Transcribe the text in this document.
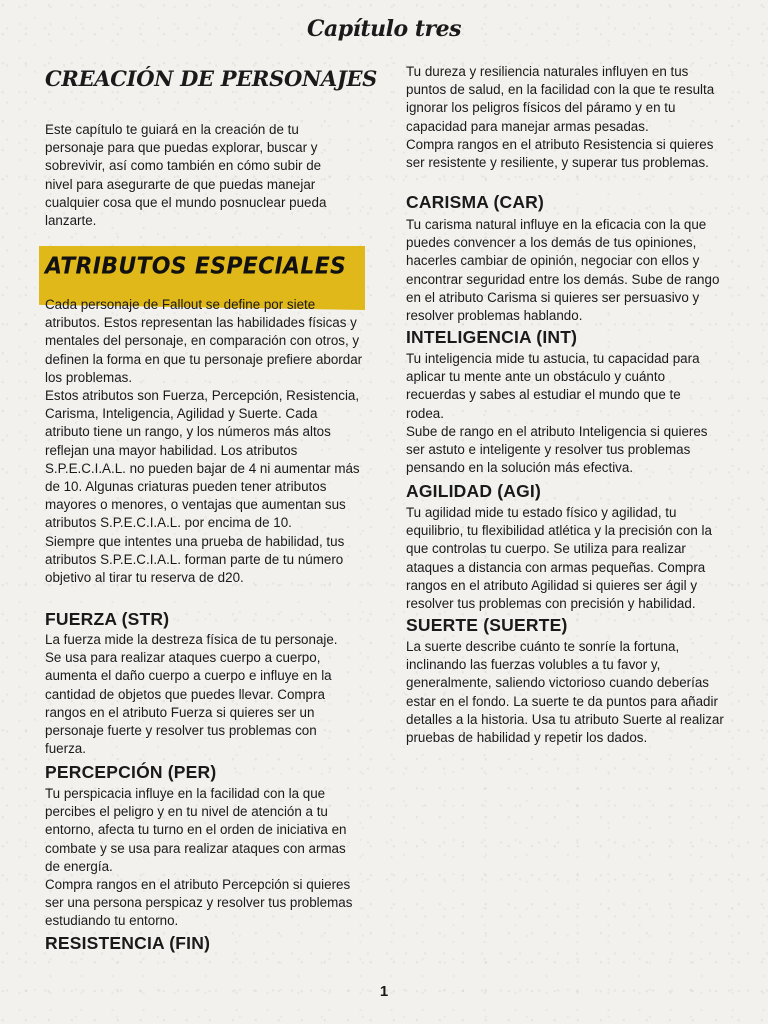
Capítulo tres
CREACIÓN DE PERSONAJES

Este capítulo te guiará en la creación de tu personaje para que puedas explorar, buscar y sobrevivir, así como también en cómo subir de nivel para asegurarte de que puedas manejar cualquier cosa que el mundo posnuclear pueda lanzarte.

ATRIBUTOS ESPECIALES

Cada personaje de Fallout se define por siete atributos. Estos representan las habilidades físicas y mentales del personaje, en comparación con otros, y definen la forma en que tu personaje prefiere abordar los problemas.

Estos atributos son Fuerza, Percepción, Resistencia, Carisma, Inteligencia, Agilidad y Suerte. Cada atributo tiene un rango, y los números más altos reflejan una mayor habilidad. Los atributos S.P.E.C.I.A.L. no pueden bajar de 4 ni aumentar más de 10. Algunas criaturas pueden tener atributos mayores o menores, o ventajas que aumentan sus atributos S.P.E.C.I.A.L. por encima de 10.

Siempre que intentes una prueba de habilidad, tus atributos S.P.E.C.I.A.L. forman parte de tu número objetivo al tirar tu reserva de d20.

FUERZA (STR)

La fuerza mide la destreza física de tu personaje. Se usa para realizar ataques cuerpo a cuerpo, aumenta el daño cuerpo a cuerpo e influye en la cantidad de objetos que puedes llevar. Compra rangos en el atributo Fuerza si quieres ser un personaje fuerte y resolver tus problemas con fuerza.

PERCEPCIÓN (PER)

Tu perspicacia influye en la facilidad con la que percibes el peligro y en tu nivel de atención a tu entorno, afecta tu turno en el orden de iniciativa en combate y se usa para realizar ataques con armas de energía.

Compra rangos en el atributo Percepción si quieres ser una persona perspicaz y resolver tus problemas estudiando tu entorno.

RESISTENCIA (FIN)

Tu dureza y resiliencia naturales influyen en tus puntos de salud, en la facilidad con la que te resulta ignorar los peligros físicos del páramo y en tu capacidad para manejar armas pesadas.

Compra rangos en el atributo Resistencia si quieres ser resistente y resiliente, y superar tus problemas.

CARISMA (CAR)

Tu carisma natural influye en la eficacia con la que puedes convencer a los demás de tus opiniones, hacerles cambiar de opinión, negociar con ellos y encontrar seguridad entre los demás. Sube de rango en el atributo Carisma si quieres ser persuasivo y resolver problemas hablando.

INTELIGENCIA (INT)

Tu inteligencia mide tu astucia, tu capacidad para aplicar tu mente ante un obstáculo y cuánto recuerdas y sabes al estudiar el mundo que te rodea.

Sube de rango en el atributo Inteligencia si quieres ser astuto e inteligente y resolver tus problemas pensando en la solución más efectiva.

AGILIDAD (AGI)

Tu agilidad mide tu estado físico y agilidad, tu equilibrio, tu flexibilidad atlética y la precisión con la que controlas tu cuerpo. Se utiliza para realizar ataques a distancia con armas pequeñas. Compra rangos en el atributo Agilidad si quieres ser ágil y resolver tus problemas con precisión y habilidad.

SUERTE (SUERTE)

La suerte describe cuánto te sonríe la fortuna, inclinando las fuerzas volubles a tu favor y, generalmente, saliendo victorioso cuando deberías estar en el fondo. La suerte te da puntos para añadir detalles a la historia. Usa tu atributo Suerte al realizar pruebas de habilidad y repetir los dados.

1
